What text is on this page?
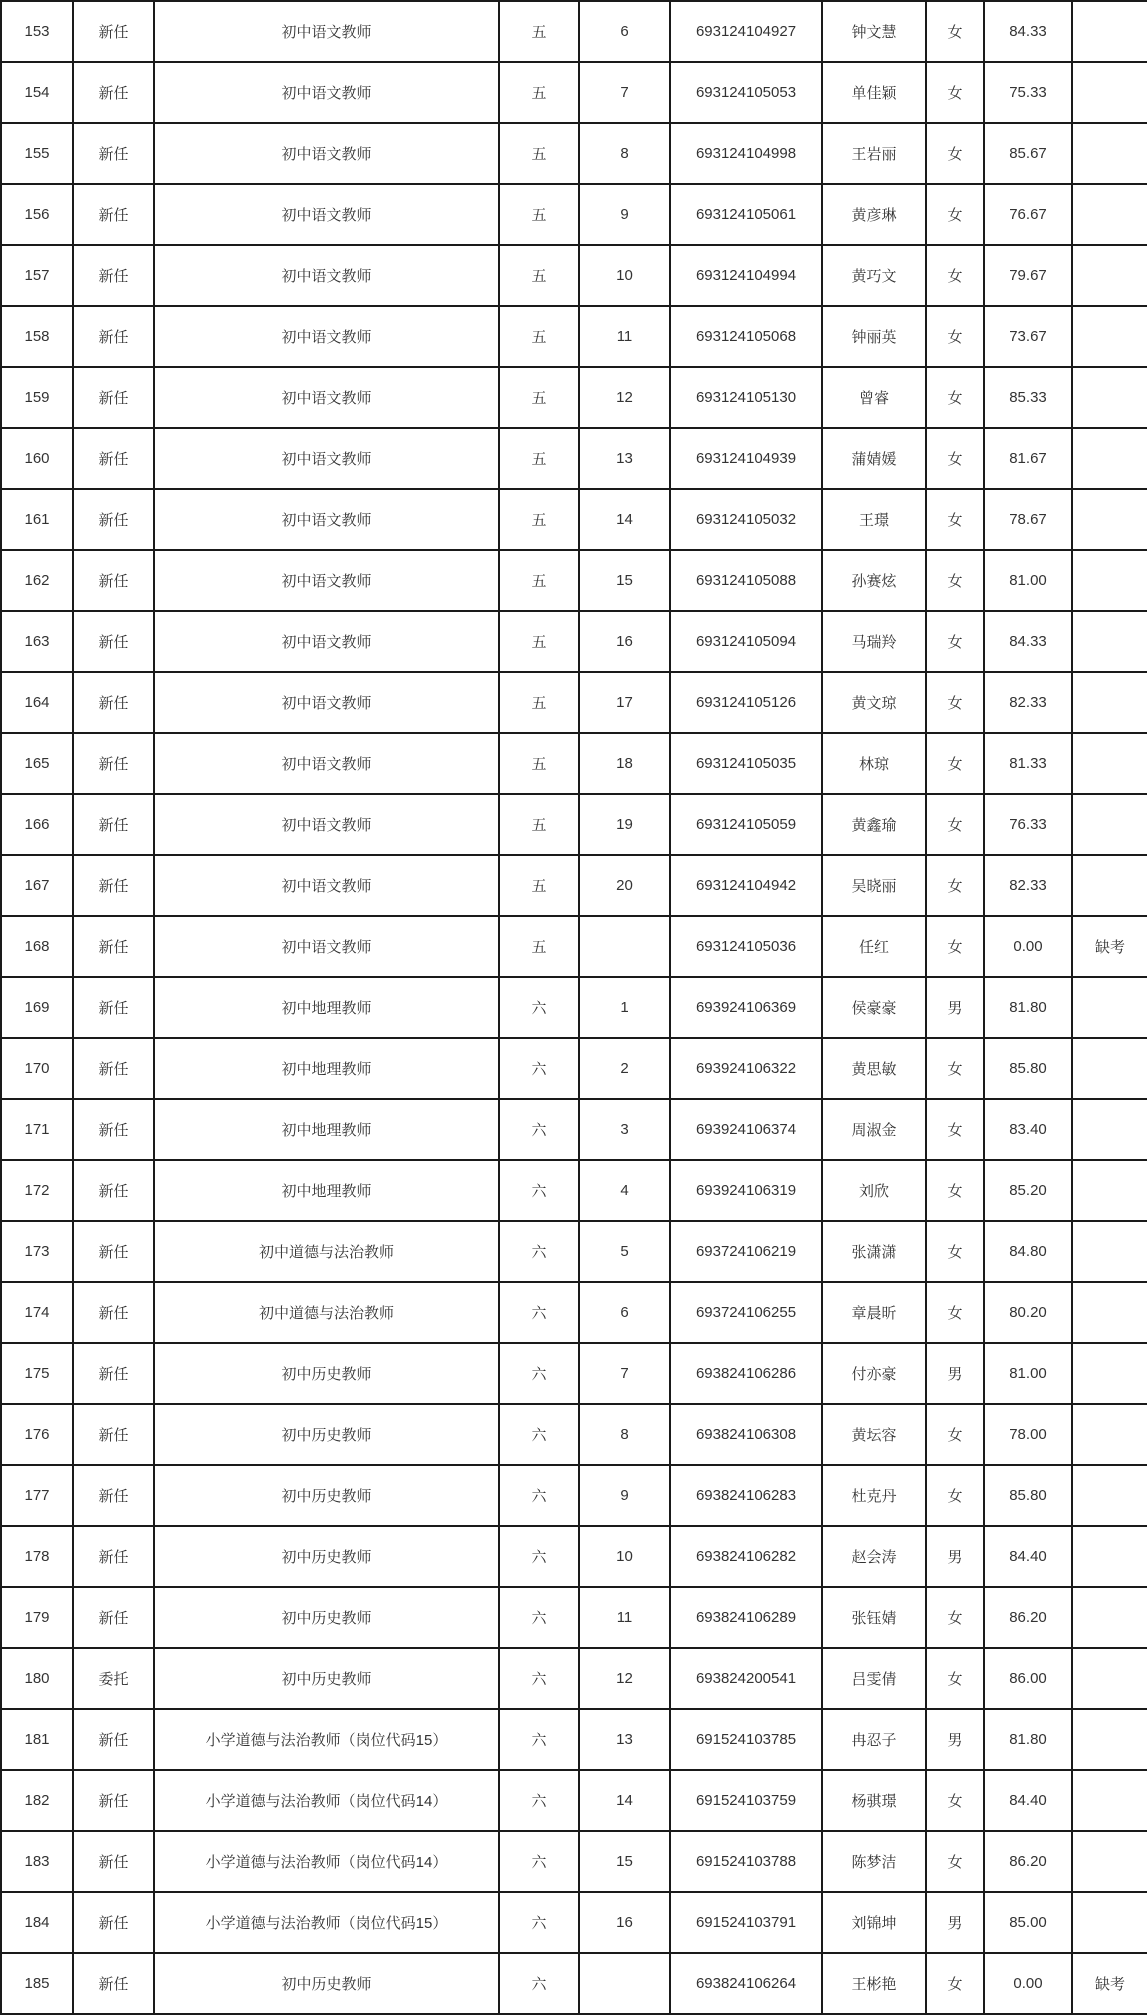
153	新任	初中语文教师	五	6	693124104927	钟文慧	女	84.33	
154	新任	初中语文教师	五	7	693124105053	单佳颖	女	75.33	
155	新任	初中语文教师	五	8	693124104998	王岩丽	女	85.67	
156	新任	初中语文教师	五	9	693124105061	黄彦琳	女	76.67	
157	新任	初中语文教师	五	10	693124104994	黄巧文	女	79.67	
158	新任	初中语文教师	五	11	693124105068	钟丽英	女	73.67	
159	新任	初中语文教师	五	12	693124105130	曾睿	女	85.33	
160	新任	初中语文教师	五	13	693124104939	蒲婧媛	女	81.67	
161	新任	初中语文教师	五	14	693124105032	王璟	女	78.67	
162	新任	初中语文教师	五	15	693124105088	孙赛炫	女	81.00	
163	新任	初中语文教师	五	16	693124105094	马瑞羚	女	84.33	
164	新任	初中语文教师	五	17	693124105126	黄文琼	女	82.33	
165	新任	初中语文教师	五	18	693124105035	林琼	女	81.33	
166	新任	初中语文教师	五	19	693124105059	黄鑫瑜	女	76.33	
167	新任	初中语文教师	五	20	693124104942	吴晓丽	女	82.33	
168	新任	初中语文教师	五		693124105036	任红	女	0.00	缺考
169	新任	初中地理教师	六	1	693924106369	侯豪豪	男	81.80	
170	新任	初中地理教师	六	2	693924106322	黄思敏	女	85.80	
171	新任	初中地理教师	六	3	693924106374	周淑金	女	83.40	
172	新任	初中地理教师	六	4	693924106319	刘欣	女	85.20	
173	新任	初中道德与法治教师	六	5	693724106219	张潇潇	女	84.80	
174	新任	初中道德与法治教师	六	6	693724106255	章晨昕	女	80.20	
175	新任	初中历史教师	六	7	693824106286	付亦豪	男	81.00	
176	新任	初中历史教师	六	8	693824106308	黄坛容	女	78.00	
177	新任	初中历史教师	六	9	693824106283	杜克丹	女	85.80	
178	新任	初中历史教师	六	10	693824106282	赵会涛	男	84.40	
179	新任	初中历史教师	六	11	693824106289	张钰婧	女	86.20	
180	委托	初中历史教师	六	12	693824200541	吕雯倩	女	86.00	
181	新任	小学道德与法治教师（岗位代码15）	六	13	691524103785	冉忍子	男	81.80	
182	新任	小学道德与法治教师（岗位代码14）	六	14	691524103759	杨骐璟	女	84.40	
183	新任	小学道德与法治教师（岗位代码14）	六	15	691524103788	陈梦洁	女	86.20	
184	新任	小学道德与法治教师（岗位代码15）	六	16	691524103791	刘锦坤	男	85.00	
185	新任	初中历史教师	六		693824106264	王彬艳	女	0.00	缺考
